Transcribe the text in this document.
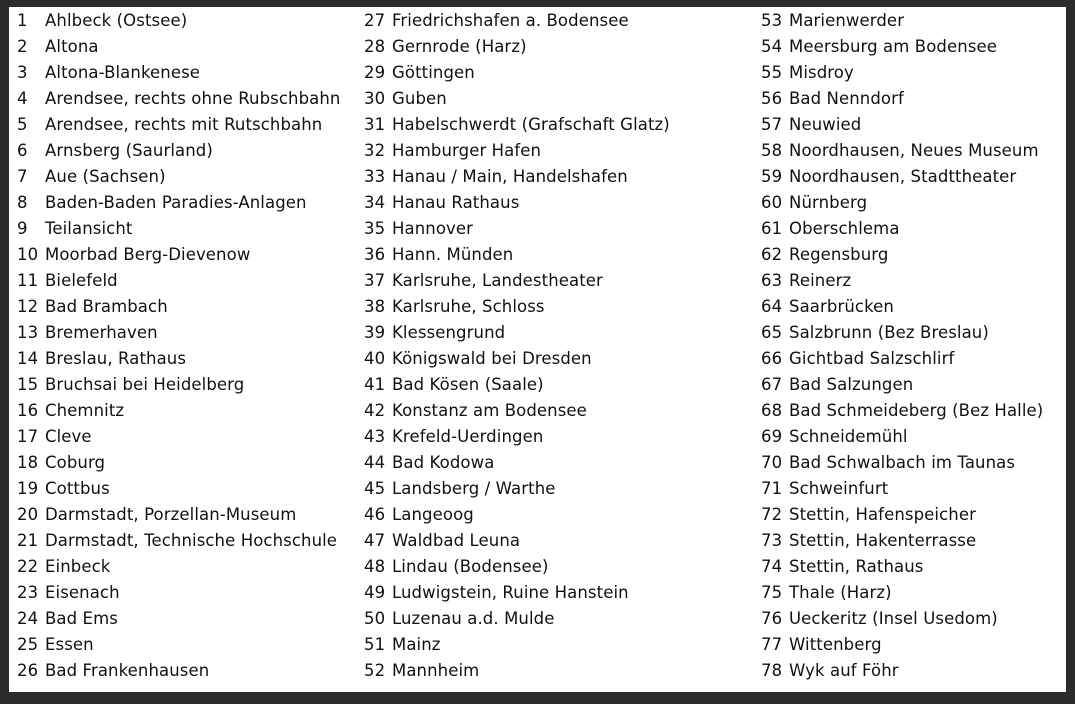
1 Ahlbeck (Ostsee)
2 Altona
3 Altona-Blankenese
4 Arendsee, rechts ohne Rubschbahn
5 Arendsee, rechts mit Rutschbahn
6 Arnsberg (Saurland)
7 Aue (Sachsen)
8 Baden-Baden Paradies-Anlagen
9 Teilansicht
10 Moorbad Berg-Dievenow
11 Bielefeld
12 Bad Brambach
13 Bremerhaven
14 Breslau, Rathaus
15 Bruchsai bei Heidelberg
16 Chemnitz
17 Cleve
18 Coburg
19 Cottbus
20 Darmstadt, Porzellan-Museum
21 Darmstadt, Technische Hochschule
22 Einbeck
23 Eisenach
24 Bad Ems
25 Essen
26 Bad Frankenhausen
27 Friedrichshafen a. Bodensee
28 Gernrode (Harz)
29 Göttingen
30 Guben
31 Habelschwerdt (Grafschaft Glatz)
32 Hamburger Hafen
33 Hanau / Main, Handelshafen
34 Hanau Rathaus
35 Hannover
36 Hann. Münden
37 Karlsruhe, Landestheater
38 Karlsruhe, Schloss
39 Klessengrund
40 Königswald bei Dresden
41 Bad Kösen (Saale)
42 Konstanz am Bodensee
43 Krefeld-Uerdingen
44 Bad Kodowa
45 Landsberg / Warthe
46 Langeoog
47 Waldbad Leuna
48 Lindau (Bodensee)
49 Ludwigstein, Ruine Hanstein
50 Luzenau a.d. Mulde
51 Mainz
52 Mannheim
53 Marienwerder
54 Meersburg am Bodensee
55 Misdroy
56 Bad Nenndorf
57 Neuwied
58 Noordhausen, Neues Museum
59 Noordhausen, Stadttheater
60 Nürnberg
61 Oberschlema
62 Regensburg
63 Reinerz
64 Saarbrücken
65 Salzbrunn (Bez Breslau)
66 Gichtbad Salzschlirf
67 Bad Salzungen
68 Bad Schmeideberg (Bez Halle)
69 Schneidemühl
70 Bad Schwalbach im Taunas
71 Schweinfurt
72 Stettin, Hafenspeicher
73 Stettin, Hakenterrasse
74 Stettin, Rathaus
75 Thale (Harz)
76 Ueckeritz (Insel Usedom)
77 Wittenberg
78 Wyk auf Föhr
